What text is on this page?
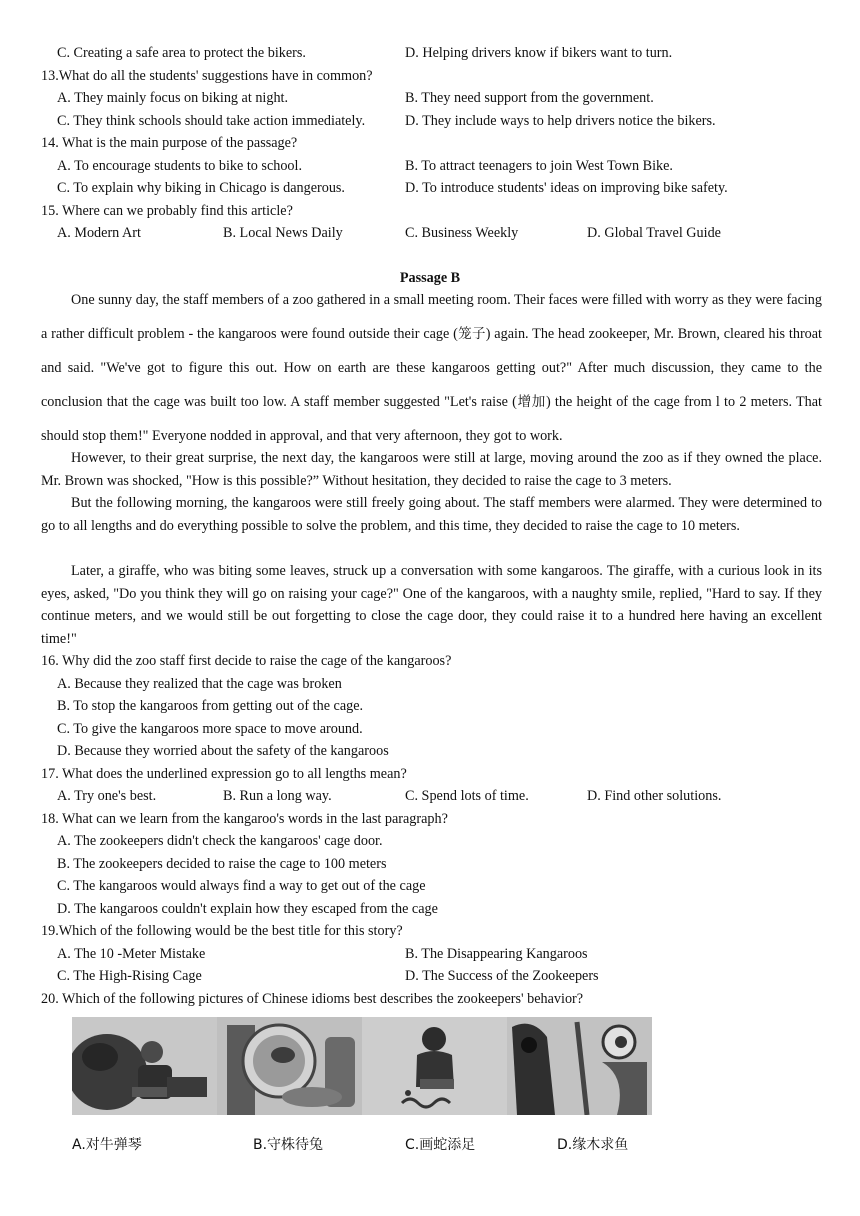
C. Creating a safe area to protect the bikers.	D. Helping drivers know if bikers want to turn.
13.What do all the students' suggestions have in common?
A. They mainly focus on biking at night.	B. They need support from the government.
C. They think schools should take action immediately.	D. They include ways to help drivers notice the bikers.
14. What is the main purpose of the passage?
A. To encourage students to bike to school.	B. To attract teenagers to join West Town Bike.
C. To explain why biking in Chicago is dangerous.	D. To introduce students' ideas on improving bike safety.
15. Where can we probably find this article?
A. Modern Art	B. Local News Daily	C. Business Weekly	D. Global Travel Guide
Passage B
One sunny day, the staff members of a zoo gathered in a small meeting room. Their faces were filled with worry as they were facing a rather difficult problem - the kangaroos were found outside their cage (笼子) again. The head zookeeper, Mr. Brown, cleared his throat and said. "We've got to figure this out. How on earth are these kangaroos getting out?" After much discussion, they came to the conclusion that the cage was built too low. A staff member suggested "Let's raise (增加) the height of the cage from l to 2 meters. That should stop them!" Everyone nodded in approval, and that very afternoon, they got to work.
However, to their great surprise, the next day, the kangaroos were still at large, moving around the zoo as if they owned the place. Mr. Brown was shocked, "How is this possible?” Without hesitation, they decided to raise the cage to 3 meters.
But the following morning, the kangaroos were still freely going about. The staff members were alarmed. They were determined to go to all lengths and do everything possible to solve the problem, and this time, they decided to raise the cage to 10 meters.
Later, a giraffe, who was biting some leaves, struck up a conversation with some kangaroos. The giraffe, with a curious look in its eyes, asked, "Do you think they will go on raising your cage?" One of the kangaroos, with a naughty smile, replied, "Hard to say. If they continue meters, and we would still be out forgetting to close the cage door, they could raise it to a hundred here having an excellent time!"
16. Why did the zoo staff first decide to raise the cage of the kangaroos?
A. Because they realized that the cage was broken
B. To stop the kangaroos from getting out of the cage.
C. To give the kangaroos more space to move around.
D. Because they worried about the safety of the kangaroos
17. What does the underlined expression go to all lengths mean?
A. Try one's best.	B. Run a long way.	C. Spend lots of time.	D. Find other solutions.
18. What can we learn from the kangaroo's words in the last paragraph?
A. The zookeepers didn't check the kangaroos' cage door.
B. The zookeepers decided to raise the cage to 100 meters
C. The kangaroos would always find a way to get out of the cage
D. The kangaroos couldn't explain how they escaped from the cage
19.Which of the following would be the best title for this story?
A. The 10 -Meter Mistake	B. The Disappearing Kangaroos
C. The High-Rising Cage	D. The Success of the Zookeepers
20. Which of the following pictures of Chinese idioms best describes the zookeepers' behavior?
A.对牛弹琴	B.守株待兔	C.画蛇添足	D.缘木求鱼
